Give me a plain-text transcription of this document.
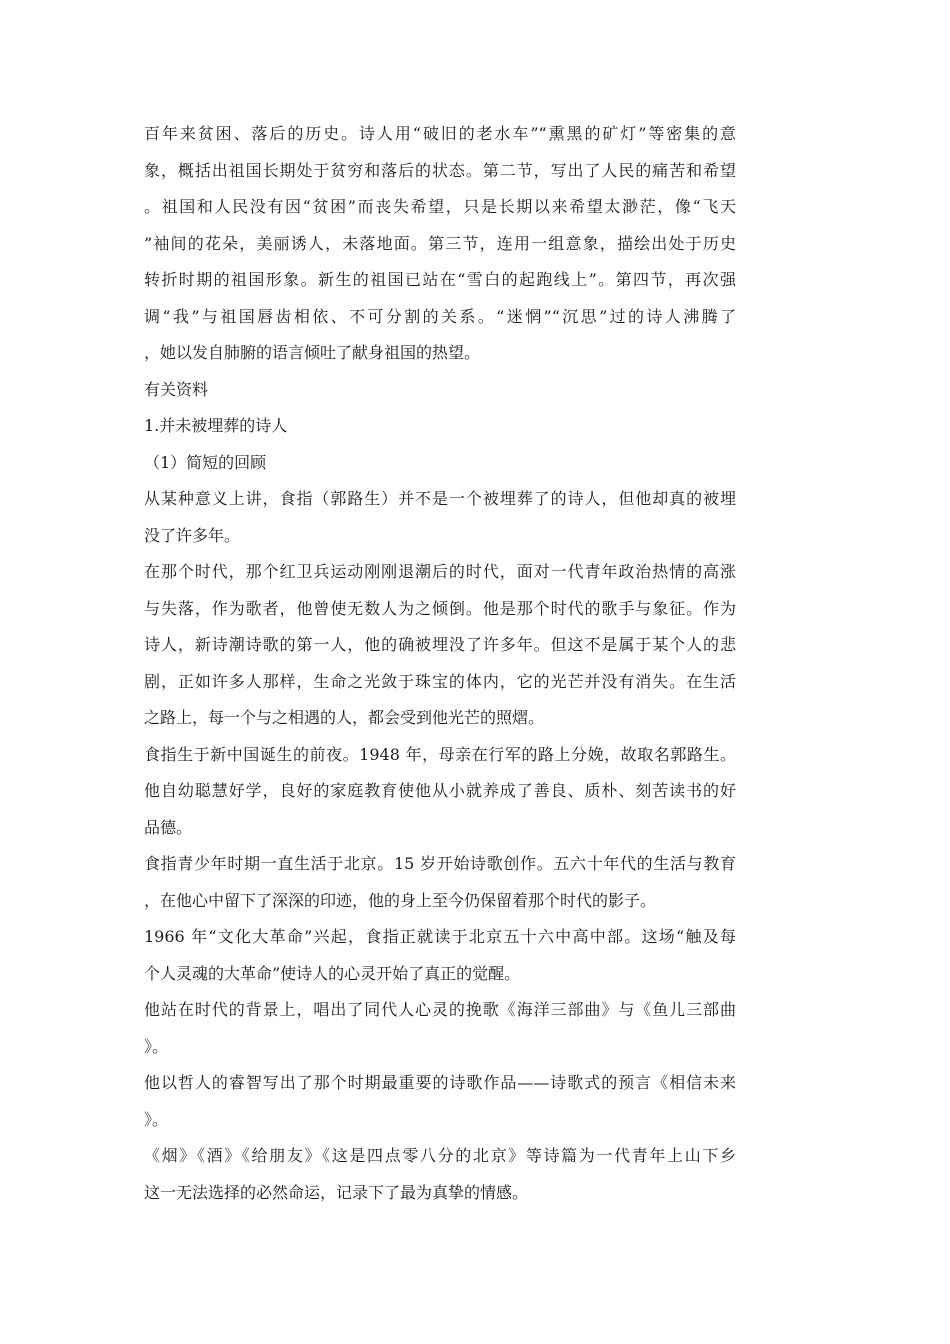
百年来贫困、落后的历史。诗人用“破旧的老水车”“熏黑的矿灯”等密集的意
象，概括出祖国长期处于贫穷和落后的状态。第二节，写出了人民的痛苦和希望
。祖国和人民没有因“贫困”而丧失希望，只是长期以来希望太渺茫，像“飞天
”袖间的花朵，美丽诱人，未落地面。第三节，连用一组意象，描绘出处于历史
转折时期的祖国形象。新生的祖国已站在“雪白的起跑线上”。第四节，再次强
调“我”与祖国唇齿相依、不可分割的关系。“迷惘”“沉思”过的诗人沸腾了
，她以发自肺腑的语言倾吐了献身祖国的热望。
有关资料
1.并未被埋葬的诗人
（1）简短的回顾
从某种意义上讲，食指（郭路生）并不是一个被埋葬了的诗人，但他却真的被埋
没了许多年。
在那个时代，那个红卫兵运动刚刚退潮后的时代，面对一代青年政治热情的高涨
与失落，作为歌者，他曾使无数人为之倾倒。他是那个时代的歌手与象征。作为
诗人，新诗潮诗歌的第一人，他的确被埋没了许多年。但这不是属于某个人的悲
剧，正如许多人那样，生命之光敛于珠宝的体内，它的光芒并没有消失。在生活
之路上，每一个与之相遇的人，都会受到他光芒的照熠。
食指生于新中国诞生的前夜。1948 年，母亲在行军的路上分娩，故取名郭路生。
他自幼聪慧好学，良好的家庭教育使他从小就养成了善良、质朴、刻苦读书的好
品德。
食指青少年时期一直生活于北京。15 岁开始诗歌创作。五六十年代的生活与教育
，在他心中留下了深深的印迹，他的身上至今仍保留着那个时代的影子。
1966 年“文化大革命”兴起，食指正就读于北京五十六中高中部。这场“触及每
个人灵魂的大革命”使诗人的心灵开始了真正的觉醒。
他站在时代的背景上，唱出了同代人心灵的挽歌《海洋三部曲》与《鱼儿三部曲
》。
他以哲人的睿智写出了那个时期最重要的诗歌作品——诗歌式的预言《相信未来
》。
《烟》《酒》《给朋友》《这是四点零八分的北京》等诗篇为一代青年上山下乡
这一无法选择的必然命运，记录下了最为真挚的情感。
